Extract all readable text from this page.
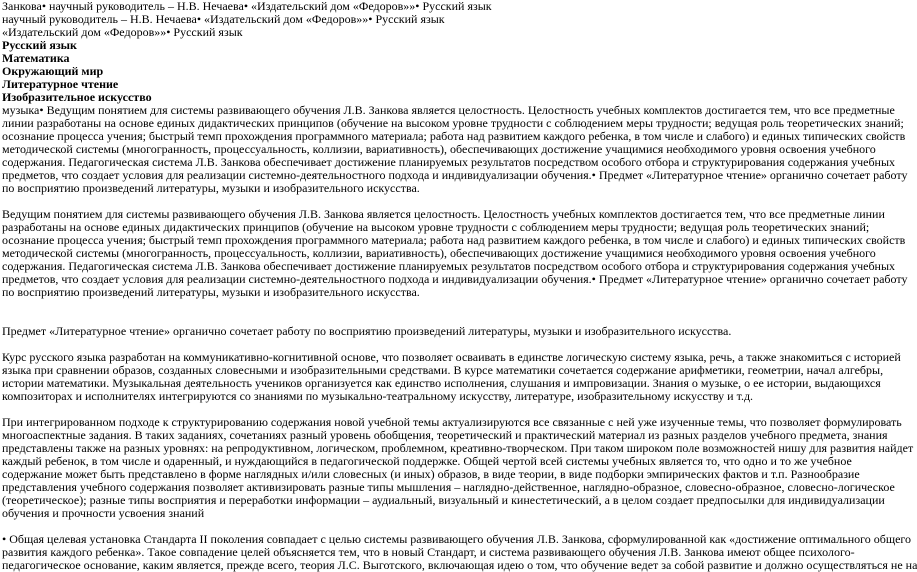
Занкова• научный руководитель – Н.В. Нечаева• «Издательский дом «Федоров»»• Русский язык
научный руководитель – Н.В. Нечаева• «Издательский дом «Федоров»»• Русский язык
«Издательский дом «Федоров»»• Русский язык
Русский язык
Математика
Окружающий мир
Литературное чтение
Изобразительное искусство
музыка• Ведущим понятием для системы развивающего обучения Л.В. Занкова является целостность. Целостность учебных комплектов достигается тем, что все предметные
линии разработаны на основе единых дидактических принципов (обучение на высоком уровне трудности с соблюдением меры трудности; ведущая роль теоретических знаний;
осознание процесса учения; быстрый темп прохождения программного материала; работа над развитием каждого ребенка, в том числе и слабого) и единых типических свойств
методической системы (многогранность, процессуальность, коллизии, вариативность), обеспечивающих достижение учащимися необходимого уровня освоения учебного
содержания. Педагогическая система Л.В. Занкова обеспечивает достижение планируемых результатов посредством особого отбора и структурирования содержания учебных
предметов, что создает условия для реализации системно-деятельностного подхода и индивидуализации обучения.• Предмет «Литературное чтение» органично сочетает работу
по восприятию произведений литературы, музыки и изобразительного искусства.
Ведущим понятием для системы развивающего обучения Л.В. Занкова является целостность. Целостность учебных комплектов достигается тем, что все предметные линии
разработаны на основе единых дидактических принципов (обучение на высоком уровне трудности с соблюдением меры трудности; ведущая роль теоретических знаний;
осознание процесса учения; быстрый темп прохождения программного материала; работа над развитием каждого ребенка, в том числе и слабого) и единых типических свойств
методической системы (многогранность, процессуальность, коллизии, вариативность), обеспечивающих достижение учащимися необходимого уровня освоения учебного
содержания. Педагогическая система Л.В. Занкова обеспечивает достижение планируемых результатов посредством особого отбора и структурирования содержания учебных
предметов, что создает условия для реализации системно-деятельностного подхода и индивидуализации обучения.• Предмет «Литературное чтение» органично сочетает работу
по восприятию произведений литературы, музыки и изобразительного искусства.
Предмет «Литературное чтение» органично сочетает работу по восприятию произведений литературы, музыки и изобразительного искусства.
Курс русского языка разработан на коммуникативно-когнитивной основе, что позволяет осваивать в единстве логическую систему языка, речь, а также знакомиться с историей
языка при сравнении образов, созданных словесными и изобразительными средствами. В курсе математики сочетается содержание арифметики, геометрии, начал алгебры,
истории математики. Музыкальная деятельность учеников организуется как единство исполнения, слушания и импровизации. Знания о музыке, о ее истории, выдающихся
композиторах и исполнителях интегрируются со знаниями по музыкально-театральному искусству, литературе, изобразительному искусству и т.д.
При интегрированном подходе к структурированию содержания новой учебной темы актуализируются все связанные с ней уже изученные темы, что позволяет формулировать
многоаспектные задания. В таких заданиях, сочетаниях разный уровень обобщения, теоретический и практический материал из разных разделов учебного предмета, знания
представлены также на разных уровнях: на репродуктивном, логическом, проблемном, креативно-творческом. При таком широком поле возможностей нишу для развития найдет
каждый ребенок, в том числе и одаренный, и нуждающийся в педагогической поддержке. Общей чертой всей системы учебных является то, что одно и то же учебное
содержание может быть представлено в форме наглядных и/или словесных (и иных) образов, в виде теории, в виде подборки эмпирических фактов и т.п. Разнообразие
представления учебного содержания позволяет активизировать разные типы мышления – наглядно-действенное, наглядно-образное, словесно-образное, словесно-логическое
(теоретическое); разные типы восприятия и переработки информации – аудиальный, визуальный и кинестетический, а в целом создает предпосылки для индивидуализации
обучения и прочности усвоения знаний
• Общая целевая установка Стандарта II поколения совпадает с целью системы развивающего обучения Л.В. Занкова, сформулированной как «достижение оптимального общего
развития каждого ребенка». Такое совпадение целей объясняется тем, что в новый Стандарт, и система развивающего обучения Л.В. Занкова имеют общее психолого-
педагогическое основание, каким является, прежде всего, теория Л.С. Выготского, включающая идею о том, что обучение ведет за собой развитие и должно осуществляться не на
